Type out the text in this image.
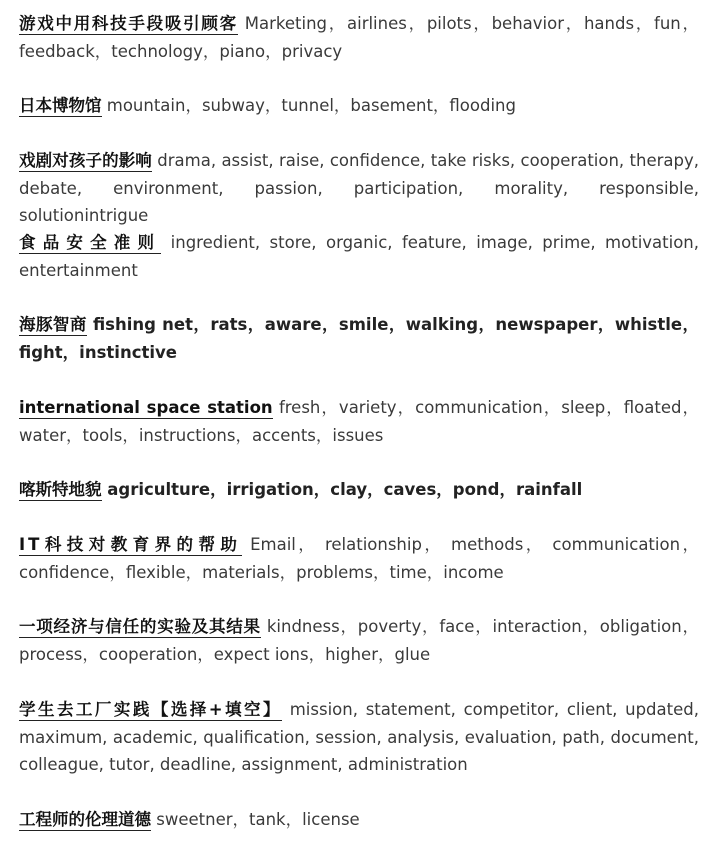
游戏中用科技手段吸引顾客 Marketing，airlines，pilots，behavior，hands，fun，feedback，technology，piano，privacy

日本博物馆 mountain，subway，tunnel，basement，flooding

戏剧对孩子的影响 drama, assist, raise, confidence, take risks, cooperation, therapy, debate, environment, passion, participation, morality, responsible, solutionintrigue

食品安全准则 ingredient, store, organic, feature, image, prime, motivation, entertainment

海豚智商 fishing net，rats，aware，smile，walking，newspaper，whistle，fight，instinctive

international space station fresh，variety，communication，sleep，floated，water，tools，instructions，accents，issues

喀斯特地貌 agriculture，irrigation，clay，caves，pond，rainfall

IT科技对教育界的帮助 Email， relationship， methods， communication，confidence，flexible，materials，problems，time，income

一项经济与信任的实验及其结果 kindness，poverty，face，interaction，obligation，process，cooperation，expect ions，higher，glue

学生去工厂实践【选择+填空】 mission, statement, competitor, client, updated, maximum, academic, qualification, session, analysis, evaluation, path, document, colleague, tutor, deadline, assignment, administration

工程师的伦理道德 sweetner，tank，license
